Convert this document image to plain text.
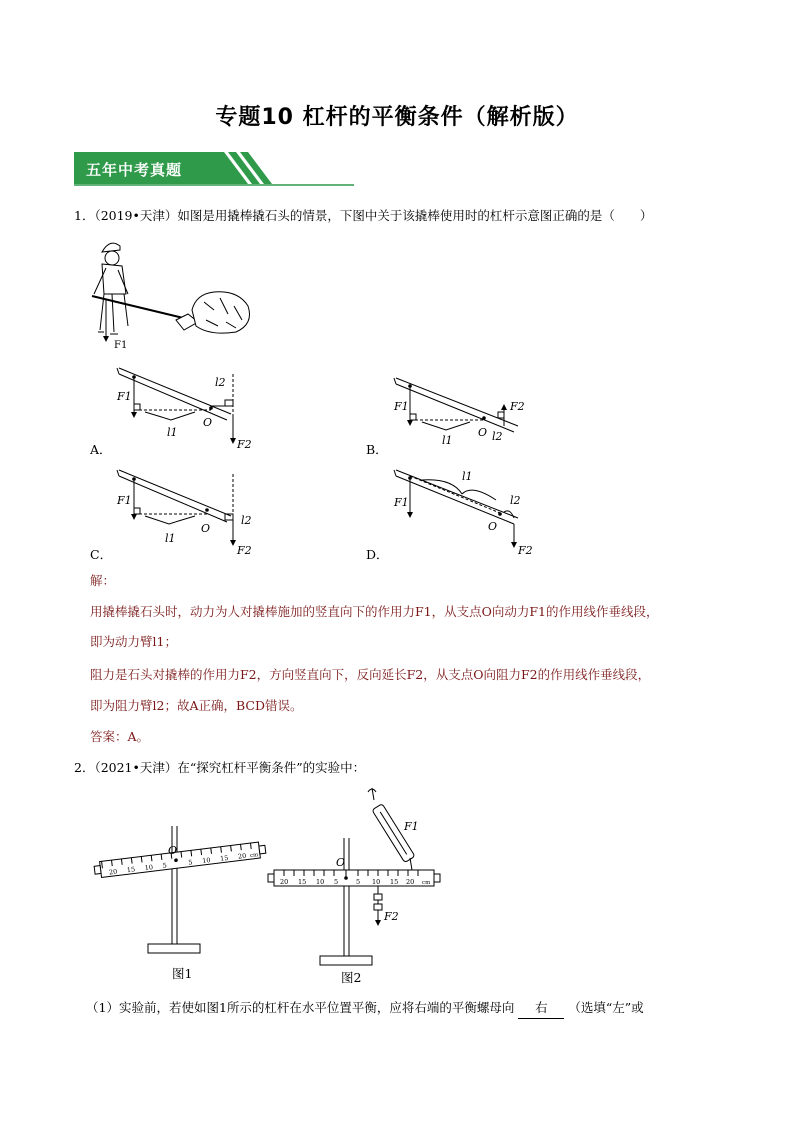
专题10 杠杆的平衡条件（解析版）
五年中考真题
1．（2019•天津）如图是用撬棒撬石头的情景，下图中关于该撬棒使用时的杠杆示意图正确的是（　　）
F1
F1
l1
l2
O
F2
A．
F1
l1
F2
O l2
B．
F1
l1
l2
O
F2
C．
F1
l1
l2
O
F2
D．
解：
用撬棒撬石头时，动力为人对撬棒施加的竖直向下的作用力F1，从支点O向动力F1的作用线作垂线段，
即为动力臂l1；
阻力是石头对撬棒的作用力F2，方向竖直向下，反向延长F2，从支点O向阻力F2的作用线作垂线段，
即为阻力臂l2；故A正确，BCD错误。
答案：A。
2．（2021•天津）在“探究杠杆平衡条件”的实验中：
20 15 10 5	5 10 15 20 cm
O
图1
20 15 10 5	5 10 15 20 cm
O
F1
F2
图2
（1）实验前，若使如图1所示的杠杆在水平位置平衡，应将右端的平衡螺母向 右 （选填“左”或
